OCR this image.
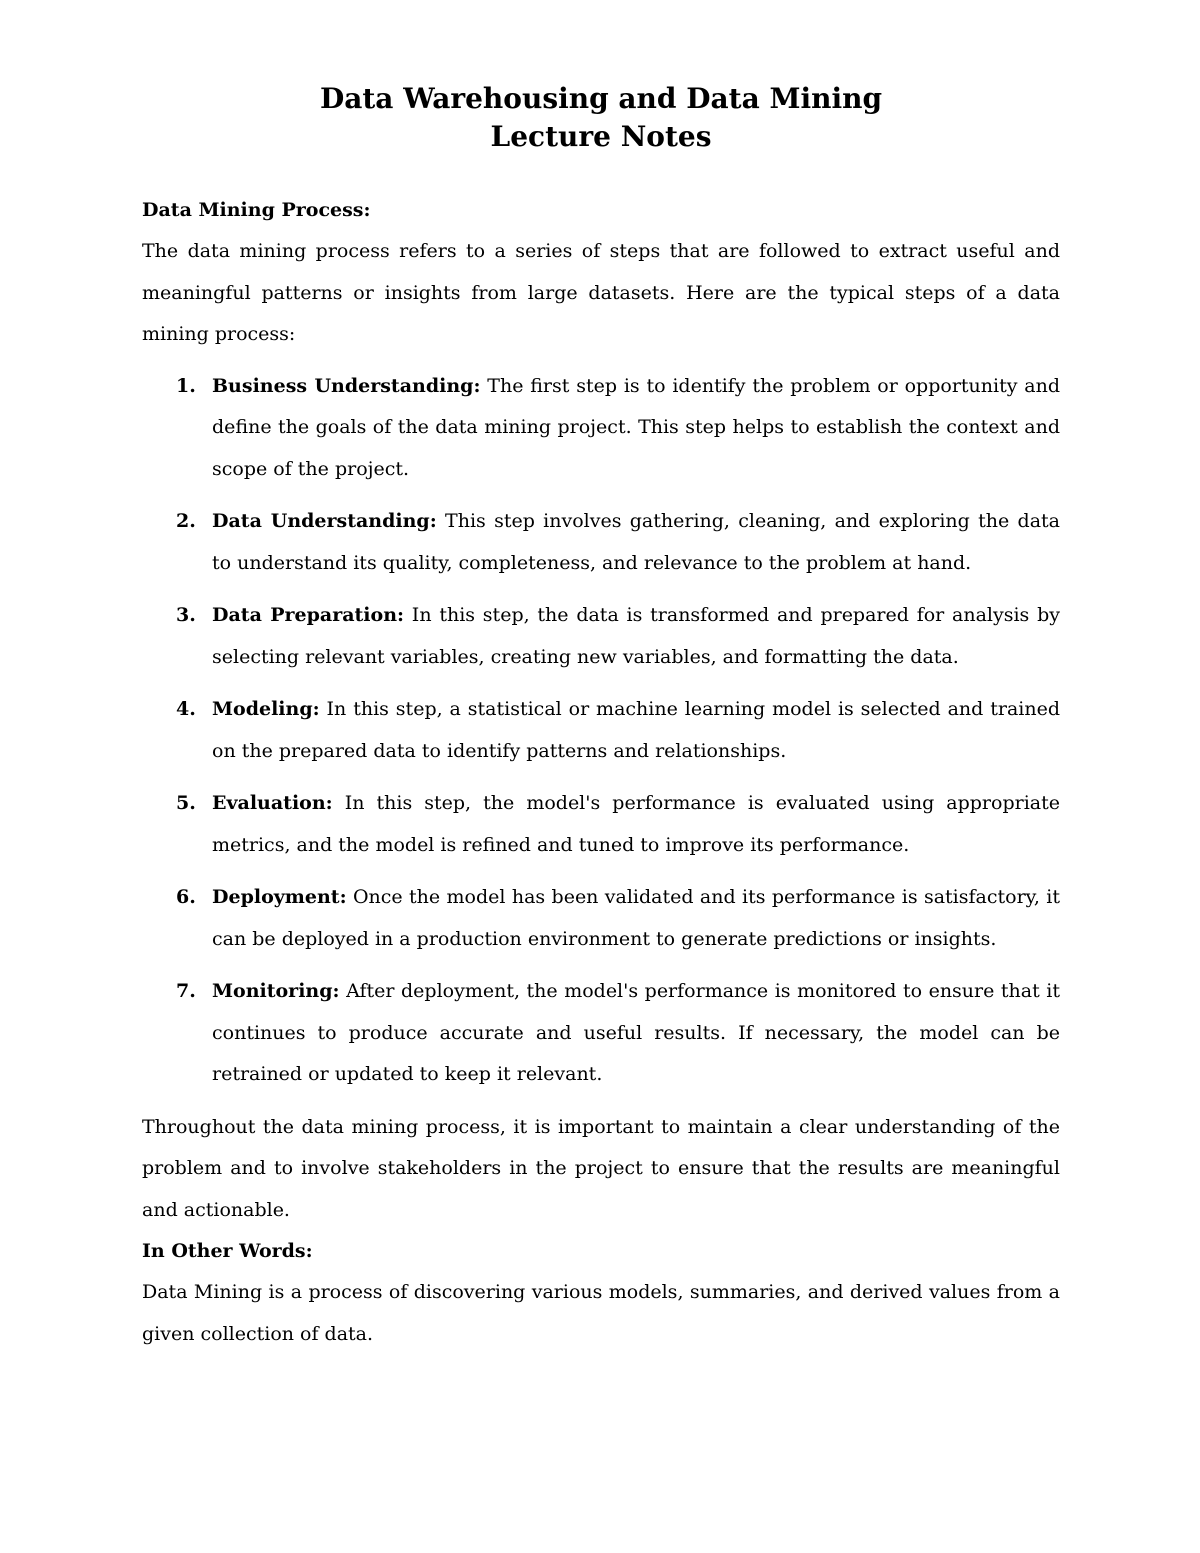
Data Warehousing and Data Mining
Lecture Notes
Data Mining Process:

The data mining process refers to a series of steps that are followed to extract useful and meaningful patterns or insights from large datasets. Here are the typical steps of a data mining process:

1. Business Understanding: The first step is to identify the problem or opportunity and define the goals of the data mining project. This step helps to establish the context and scope of the project.
2. Data Understanding: This step involves gathering, cleaning, and exploring the data to understand its quality, completeness, and relevance to the problem at hand.
3. Data Preparation: In this step, the data is transformed and prepared for analysis by selecting relevant variables, creating new variables, and formatting the data.
4. Modeling: In this step, a statistical or machine learning model is selected and trained on the prepared data to identify patterns and relationships.
5. Evaluation: In this step, the model's performance is evaluated using appropriate metrics, and the model is refined and tuned to improve its performance.
6. Deployment: Once the model has been validated and its performance is satisfactory, it can be deployed in a production environment to generate predictions or insights.
7. Monitoring: After deployment, the model's performance is monitored to ensure that it continues to produce accurate and useful results. If necessary, the model can be retrained or updated to keep it relevant.

Throughout the data mining process, it is important to maintain a clear understanding of the problem and to involve stakeholders in the project to ensure that the results are meaningful and actionable.

In Other Words:

Data Mining is a process of discovering various models, summaries, and derived values from a given collection of data.
